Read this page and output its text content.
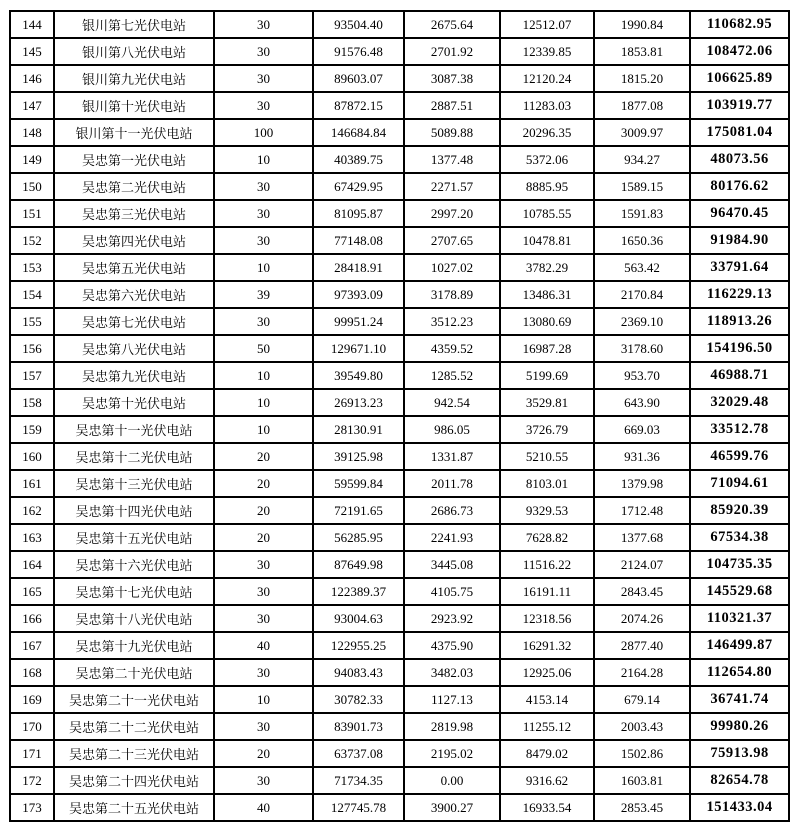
144	银川第七光伏电站	30	93504.40	2675.64	12512.07	1990.84	110682.95
145	银川第八光伏电站	30	91576.48	2701.92	12339.85	1853.81	108472.06
146	银川第九光伏电站	30	89603.07	3087.38	12120.24	1815.20	106625.89
147	银川第十光伏电站	30	87872.15	2887.51	11283.03	1877.08	103919.77
148	银川第十一光伏电站	100	146684.84	5089.88	20296.35	3009.97	175081.04
149	吴忠第一光伏电站	10	40389.75	1377.48	5372.06	934.27	48073.56
150	吴忠第二光伏电站	30	67429.95	2271.57	8885.95	1589.15	80176.62
151	吴忠第三光伏电站	30	81095.87	2997.20	10785.55	1591.83	96470.45
152	吴忠第四光伏电站	30	77148.08	2707.65	10478.81	1650.36	91984.90
153	吴忠第五光伏电站	10	28418.91	1027.02	3782.29	563.42	33791.64
154	吴忠第六光伏电站	39	97393.09	3178.89	13486.31	2170.84	116229.13
155	吴忠第七光伏电站	30	99951.24	3512.23	13080.69	2369.10	118913.26
156	吴忠第八光伏电站	50	129671.10	4359.52	16987.28	3178.60	154196.50
157	吴忠第九光伏电站	10	39549.80	1285.52	5199.69	953.70	46988.71
158	吴忠第十光伏电站	10	26913.23	942.54	3529.81	643.90	32029.48
159	吴忠第十一光伏电站	10	28130.91	986.05	3726.79	669.03	33512.78
160	吴忠第十二光伏电站	20	39125.98	1331.87	5210.55	931.36	46599.76
161	吴忠第十三光伏电站	20	59599.84	2011.78	8103.01	1379.98	71094.61
162	吴忠第十四光伏电站	20	72191.65	2686.73	9329.53	1712.48	85920.39
163	吴忠第十五光伏电站	20	56285.95	2241.93	7628.82	1377.68	67534.38
164	吴忠第十六光伏电站	30	87649.98	3445.08	11516.22	2124.07	104735.35
165	吴忠第十七光伏电站	30	122389.37	4105.75	16191.11	2843.45	145529.68
166	吴忠第十八光伏电站	30	93004.63	2923.92	12318.56	2074.26	110321.37
167	吴忠第十九光伏电站	40	122955.25	4375.90	16291.32	2877.40	146499.87
168	吴忠第二十光伏电站	30	94083.43	3482.03	12925.06	2164.28	112654.80
169	吴忠第二十一光伏电站	10	30782.33	1127.13	4153.14	679.14	36741.74
170	吴忠第二十二光伏电站	30	83901.73	2819.98	11255.12	2003.43	99980.26
171	吴忠第二十三光伏电站	20	63737.08	2195.02	8479.02	1502.86	75913.98
172	吴忠第二十四光伏电站	30	71734.35	0.00	9316.62	1603.81	82654.78
173	吴忠第二十五光伏电站	40	127745.78	3900.27	16933.54	2853.45	151433.04
